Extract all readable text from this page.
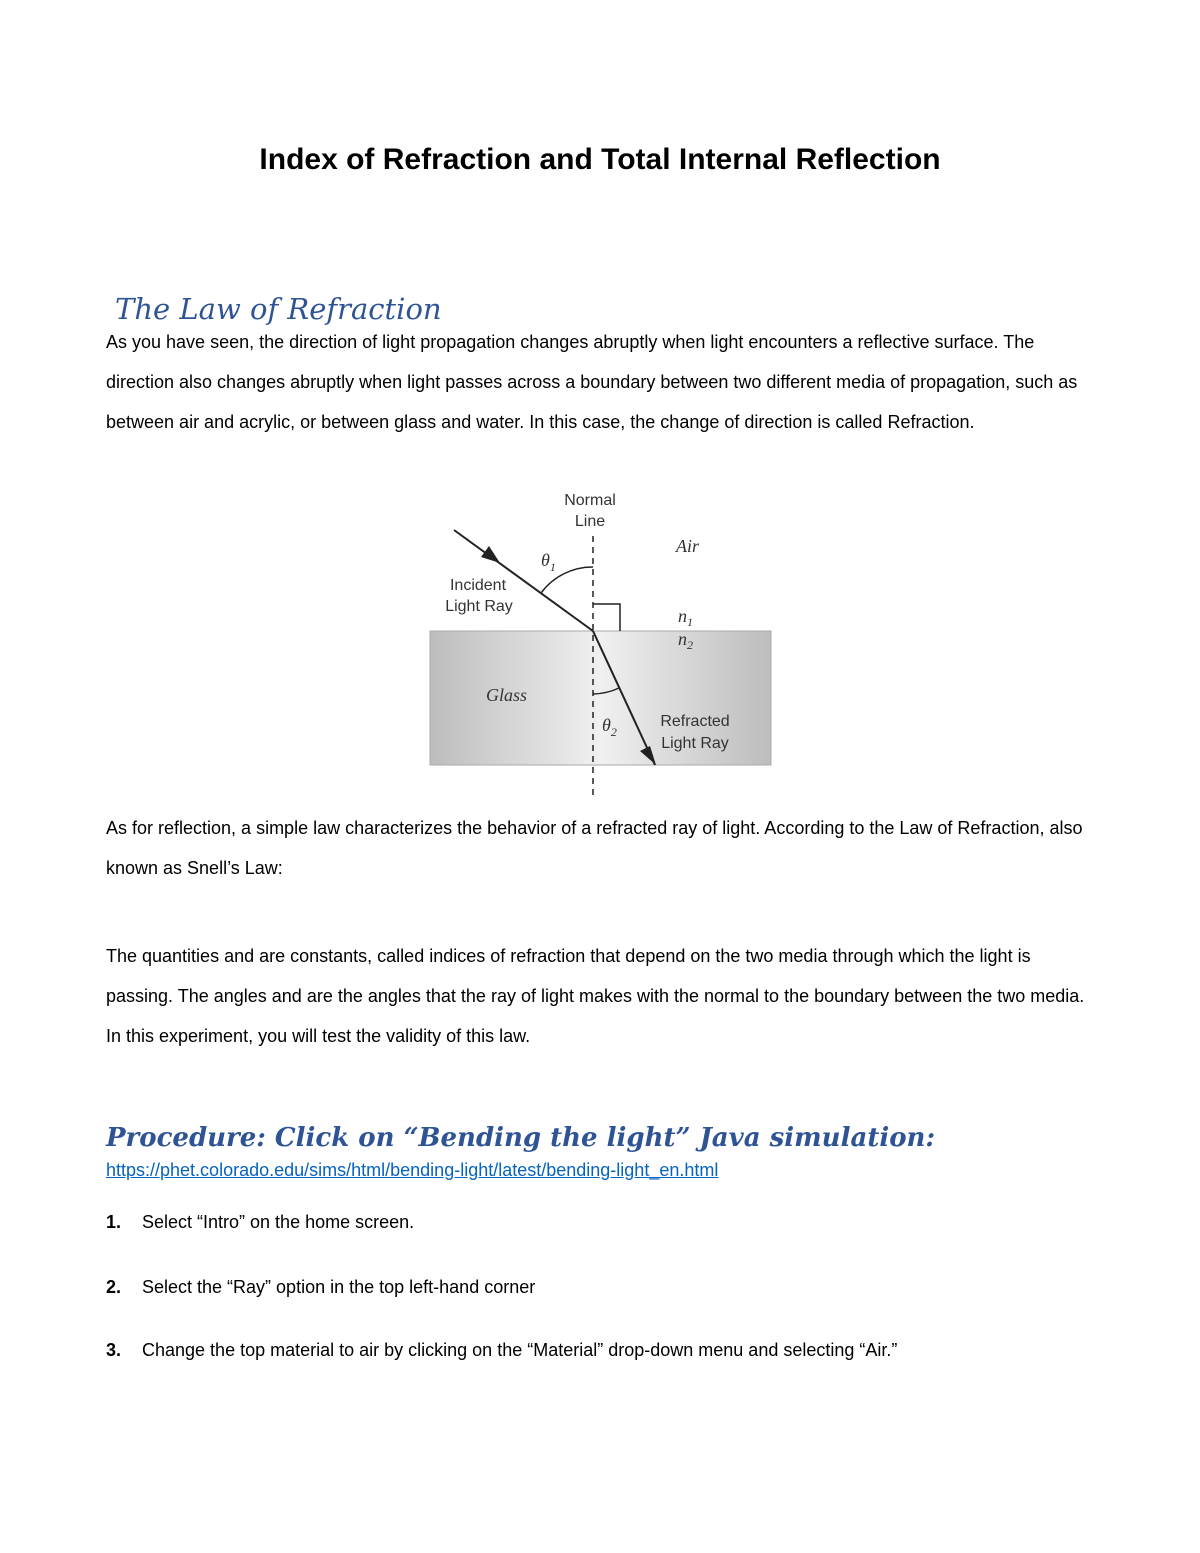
Index of Refraction and Total Internal Reflection
The Law of Refraction

As you have seen, the direction of light propagation changes abruptly when light encounters a reflective surface. The direction also changes abruptly when light passes across a boundary between two different media of propagation, such as between air and acrylic, or between glass and water. In this case, the change of direction is called Refraction.

Normal
Line
Incident
Light Ray
Air
Glass
Refracted
Light Ray
$\theta_1$
$\theta_2$
$n_1$
$n_2$

As for reflection, a simple law characterizes the behavior of a refracted ray of light. According to the Law of Refraction, also known as Snell’s Law:

The quantities and are constants, called indices of refraction that depend on the two media through which the light is passing. The angles and are the angles that the ray of light makes with the normal to the boundary between the two media. In this experiment, you will test the validity of this law.

Procedure: Click on “Bending the light” Java simulation:
https://phet.colorado.edu/sims/html/bending-light/latest/bending-light_en.html
1. Select “Intro” on the home screen.
2. Select the “Ray” option in the top left-hand corner
3. Change the top material to air by clicking on the “Material” drop-down menu and selecting “Air.”
